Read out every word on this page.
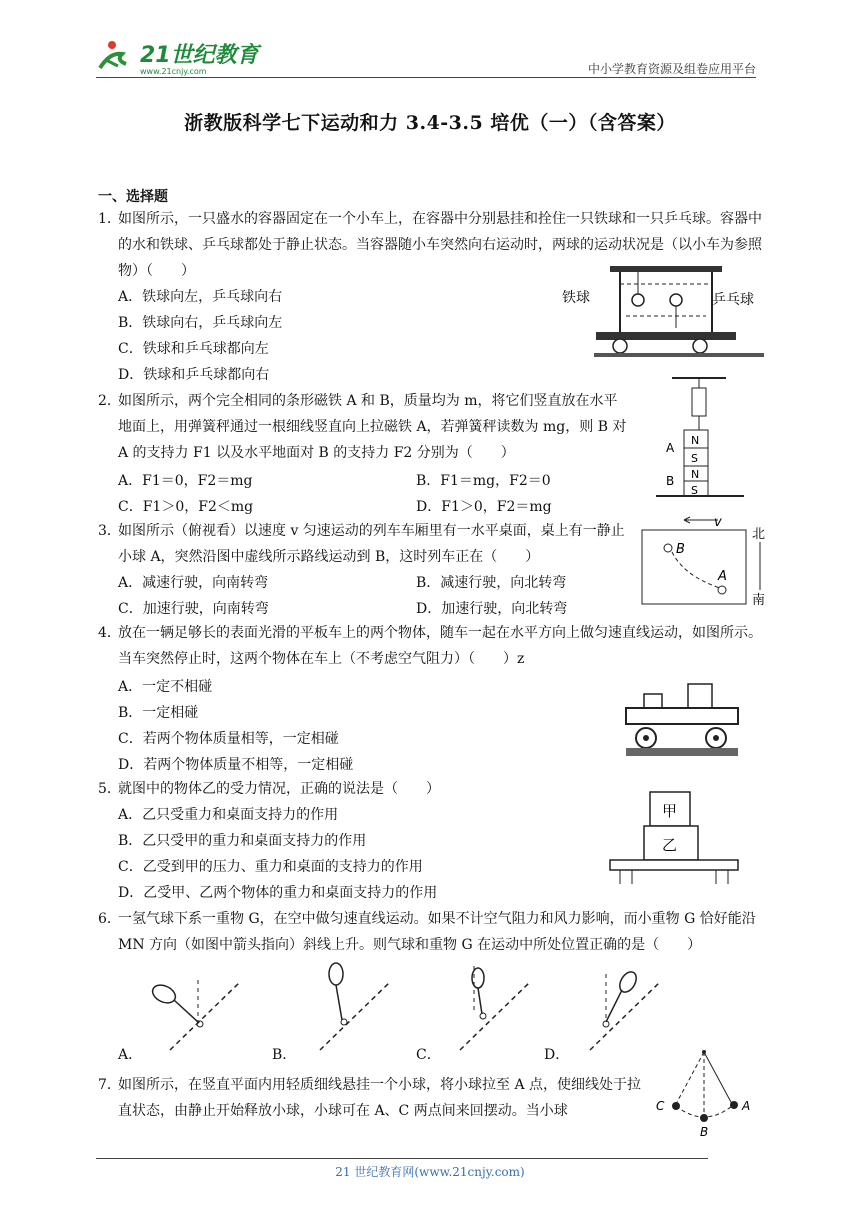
21世纪教育
www.21cnjy.com	中小学教育资源及组卷应用平台
浙教版科学七下运动和力 3.4-3.5 培优（一）（含答案）
一、选择题
1．
如图所示，一只盛水的容器固定在一个小车上，在容器中分别悬挂和拴住一只铁球和一只乒乓球。容器中的水和铁球、乒乓球都处于静止状态。当容器随小车突然向右运动时，两球的运动状况是（以小车为参照物）（　　）
A．铁球向左，乒乓球向右
B．铁球向右，乒乓球向左
C．铁球和乒乓球都向左
D．铁球和乒乓球都向右
铁球	乒乓球
2．
如图所示，两个完全相同的条形磁铁 A 和 B，质量均为 m，将它们竖直放在水平地面上，用弹簧秤通过一根细线竖直向上拉磁铁 A，若弹簧秤读数为 mg，则 B 对 A 的支持力 F1 以及水平地面对 B 的支持力 F2 分别为（　　）
A．F1＝0，F2＝mg	B．F1＝mg，F2＝0
C．F1＞0，F2＜mg	D．F1＞0，F2＝mg
A
B
N
S
N
S
3．
如图所示（俯视看）以速度 v 匀速运动的列车车厢里有一水平桌面，桌上有一静止小球 A，突然沿图中虚线所示路线运动到 B，这时列车正在（　　）
A．减速行驶，向南转弯	B．减速行驶，向北转弯
C．加速行驶，向南转弯	D．加速行驶，向北转弯
v
B
A
北
南
4．
放在一辆足够长的表面光滑的平板车上的两个物体，随车一起在水平方向上做匀速直线运动，如图所示。当车突然停止时，这两个物体在车上（不考虑空气阻力）（　　）z
A．一定不相碰
B．一定相碰
C．若两个物体质量相等，一定相碰
D．若两个物体质量不相等，一定相碰
5．
就图中的物体乙的受力情况，正确的说法是（　　）
A．乙只受重力和桌面支持力的作用
B．乙只受甲的重力和桌面支持力的作用
C．乙受到甲的压力、重力和桌面的支持力的作用
D．乙受甲、乙两个物体的重力和桌面支持力的作用
甲
乙
6．
一氢气球下系一重物 G，在空中做匀速直线运动。如果不计空气阻力和风力影响，而小重物 G 恰好能沿 MN 方向（如图中箭头指向）斜线上升。则气球和重物 G 在运动中所处位置正确的是（　　）
A．	B．	C．	D．
7．
如图所示，在竖直平面内用轻质细线悬挂一个小球，将小球拉至 A 点，使细线处于拉直状态，由静止开始释放小球，小球可在 A、C 两点间来回摆动。当小球	C	A
B
21 世纪教育网(www.21cnjy.com)
